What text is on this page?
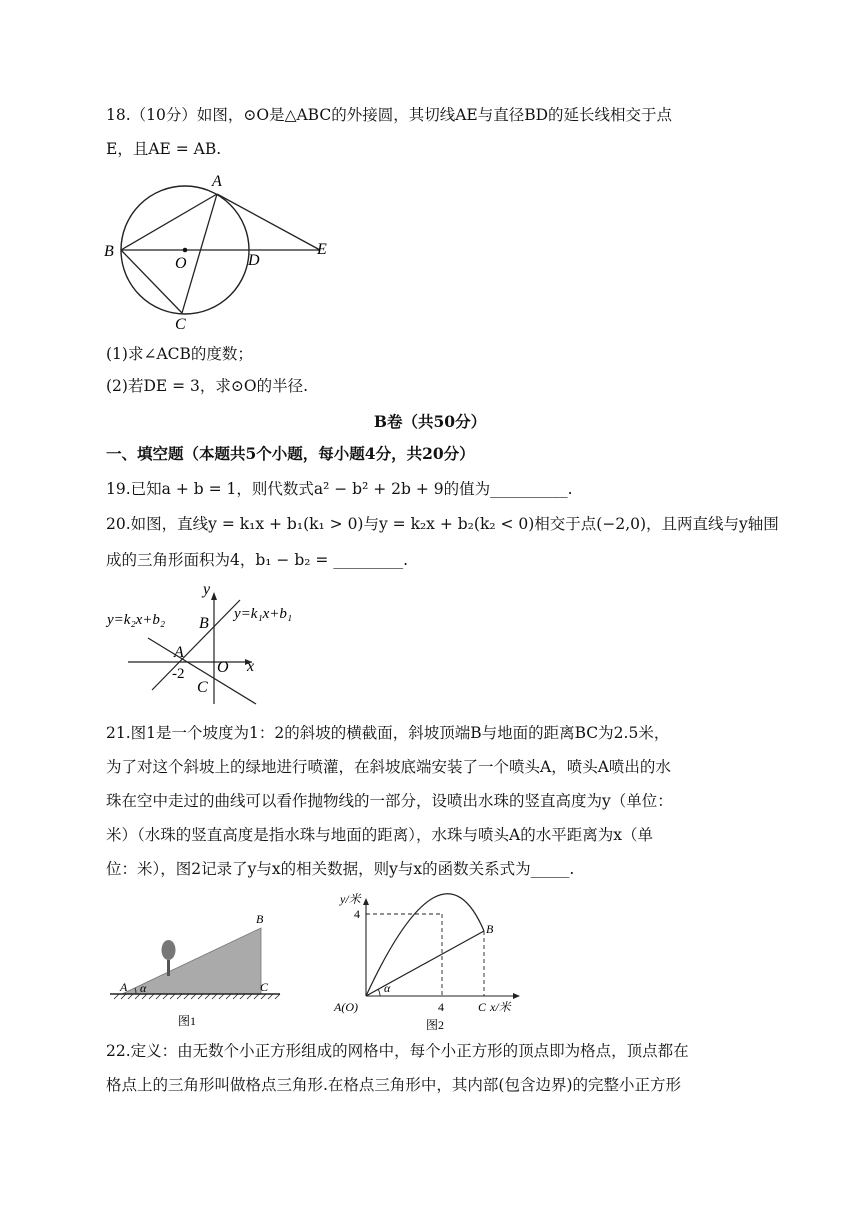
18.（10分）如图，⊙O是△ABC的外接圆，其切线AE与直径BD的延长线相交于点
E，且AE = AB.
A
B
C
D
E
O
(1)求∠ACB的度数；
(2)若DE = 3，求⊙O的半径.
B卷（共50分）
一、填空题（本题共5个小题，每小题4分，共20分）
19.已知a + b = 1，则代数式a² − b² + 2b + 9的值为__________.
20.如图，直线y = k₁x + b₁(k₁ > 0)与y = k₂x + b₂(k₂ < 0)相交于点(−2,0)，且两直线与y轴围
成的三角形面积为4，b₁ − b₂ = _________.
y
x
y=k₁x+b₁
y=k₂x+b₂ B
A
O
C
-2
21.图1是一个坡度为1：2的斜坡的横截面，斜坡顶端B与地面的距离BC为2.5米，
为了对这个斜坡上的绿地进行喷灌，在斜坡底端安装了一个喷头A，喷头A喷出的水
珠在空中走过的曲线可以看作抛物线的一部分，设喷出水珠的竖直高度为y（单位：
米）（水珠的竖直高度是指水珠与地面的距离），水珠与喷头A的水平距离为x（单
位：米），图2记录了y与x的相关数据，则y与x的函数关系式为_____.
A α
B
C
图1
y/米
4
4	C x/米
B
α
A(O)
图2
22.定义：由无数个小正方形组成的网格中，每个小正方形的顶点即为格点，顶点都在
格点上的三角形叫做格点三角形.在格点三角形中，其内部(包含边界)的完整小正方形
